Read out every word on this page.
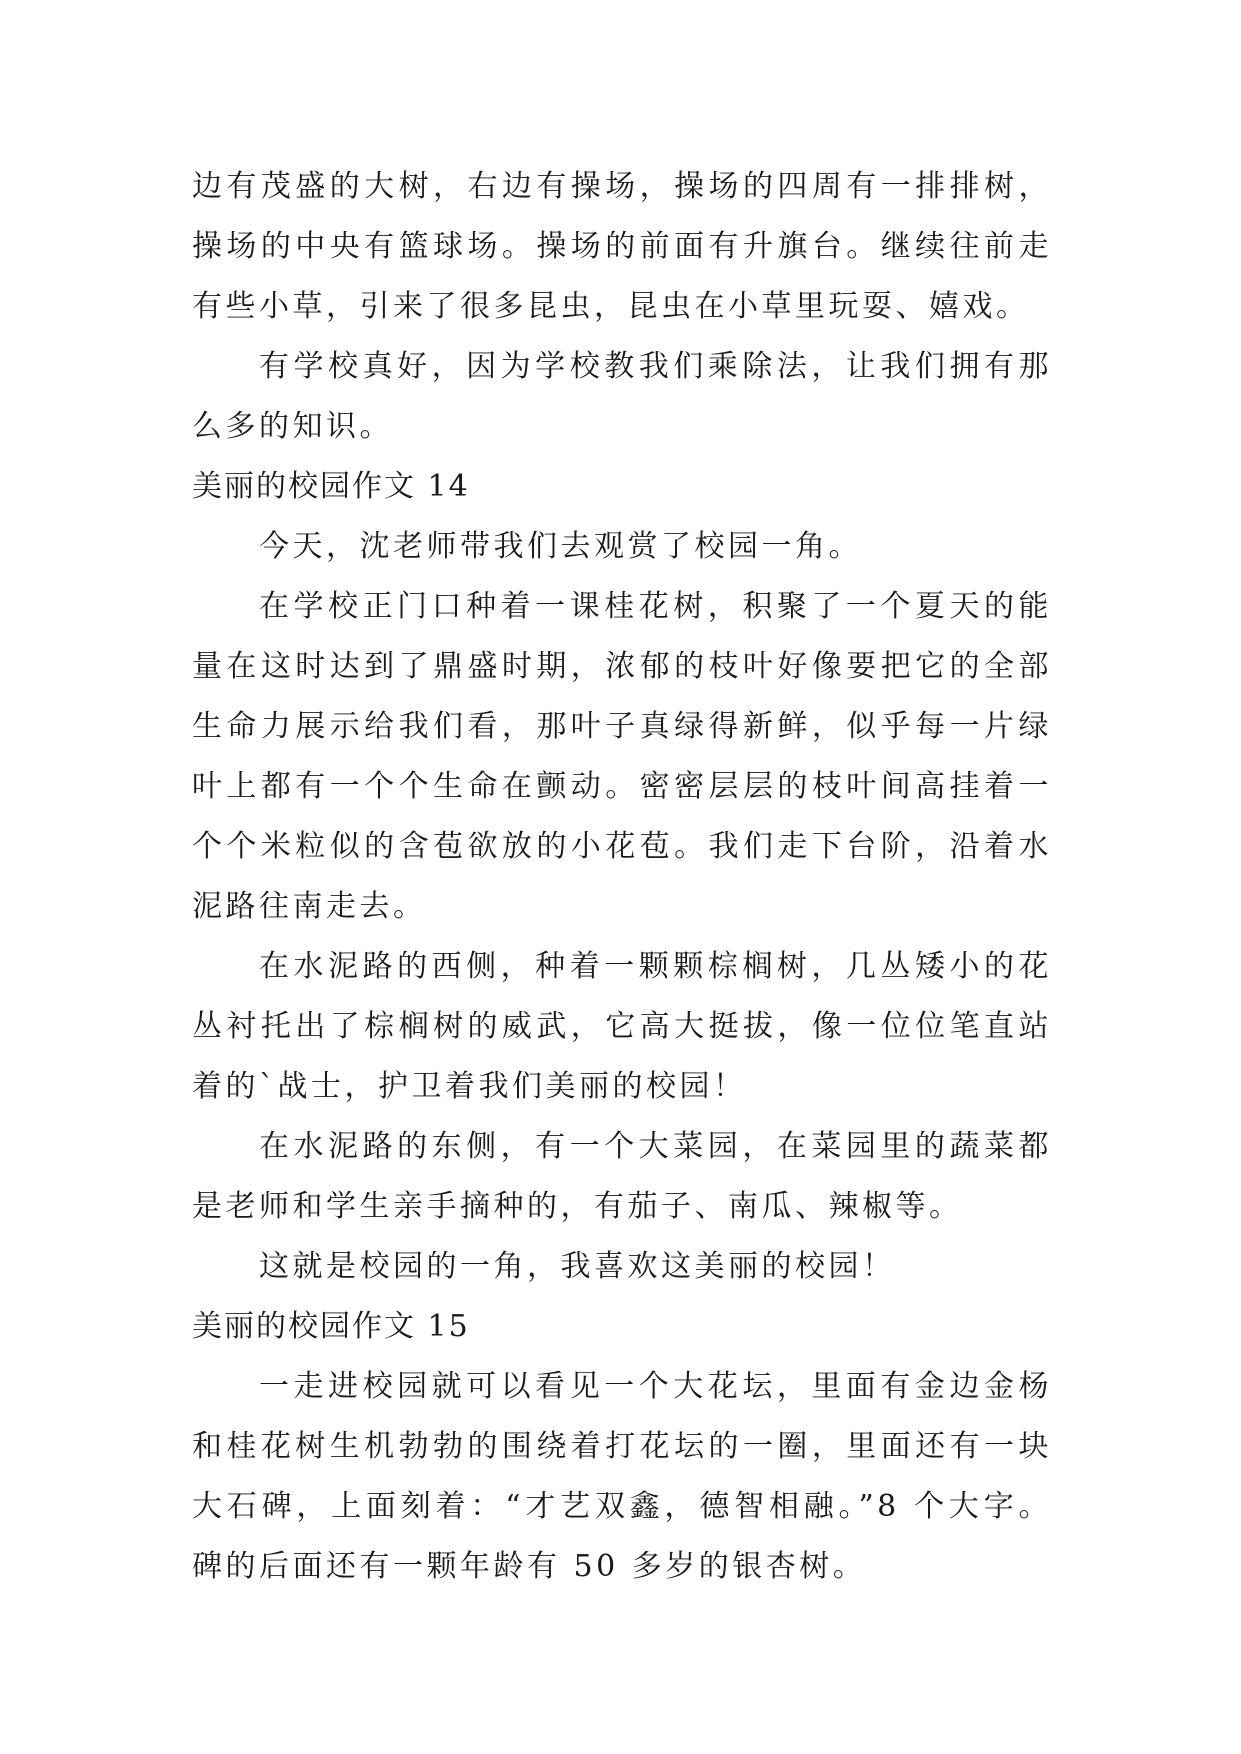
边有茂盛的大树，右边有操场，操场的四周有一排排树，操场的中央有篮球场。操场的前面有升旗台。继续往前走有些小草，引来了很多昆虫，昆虫在小草里玩耍、嬉戏。

有学校真好，因为学校教我们乘除法，让我们拥有那么多的知识。

美丽的校园作文 14

今天，沈老师带我们去观赏了校园一角。

在学校正门口种着一课桂花树，积聚了一个夏天的能量在这时达到了鼎盛时期，浓郁的枝叶好像要把它的全部生命力展示给我们看，那叶子真绿得新鲜，似乎每一片绿叶上都有一个个生命在颤动。密密层层的枝叶间高挂着一个个米粒似的含苞欲放的小花苞。我们走下台阶，沿着水泥路往南走去。

在水泥路的西侧，种着一颗颗棕榈树，几丛矮小的花丛衬托出了棕榈树的威武，它高大挺拔，像一位位笔直站着的`战士，护卫着我们美丽的校园！

在水泥路的东侧，有一个大菜园，在菜园里的蔬菜都是老师和学生亲手摘种的，有茄子、南瓜、辣椒等。

这就是校园的一角，我喜欢这美丽的校园！

美丽的校园作文 15

一走进校园就可以看见一个大花坛，里面有金边金杨和桂花树生机勃勃的围绕着打花坛的一圈，里面还有一块大石碑，上面刻着：“才艺双鑫，德智相融。”8 个大字。碑的后面还有一颗年龄有 50 多岁的银杏树。
